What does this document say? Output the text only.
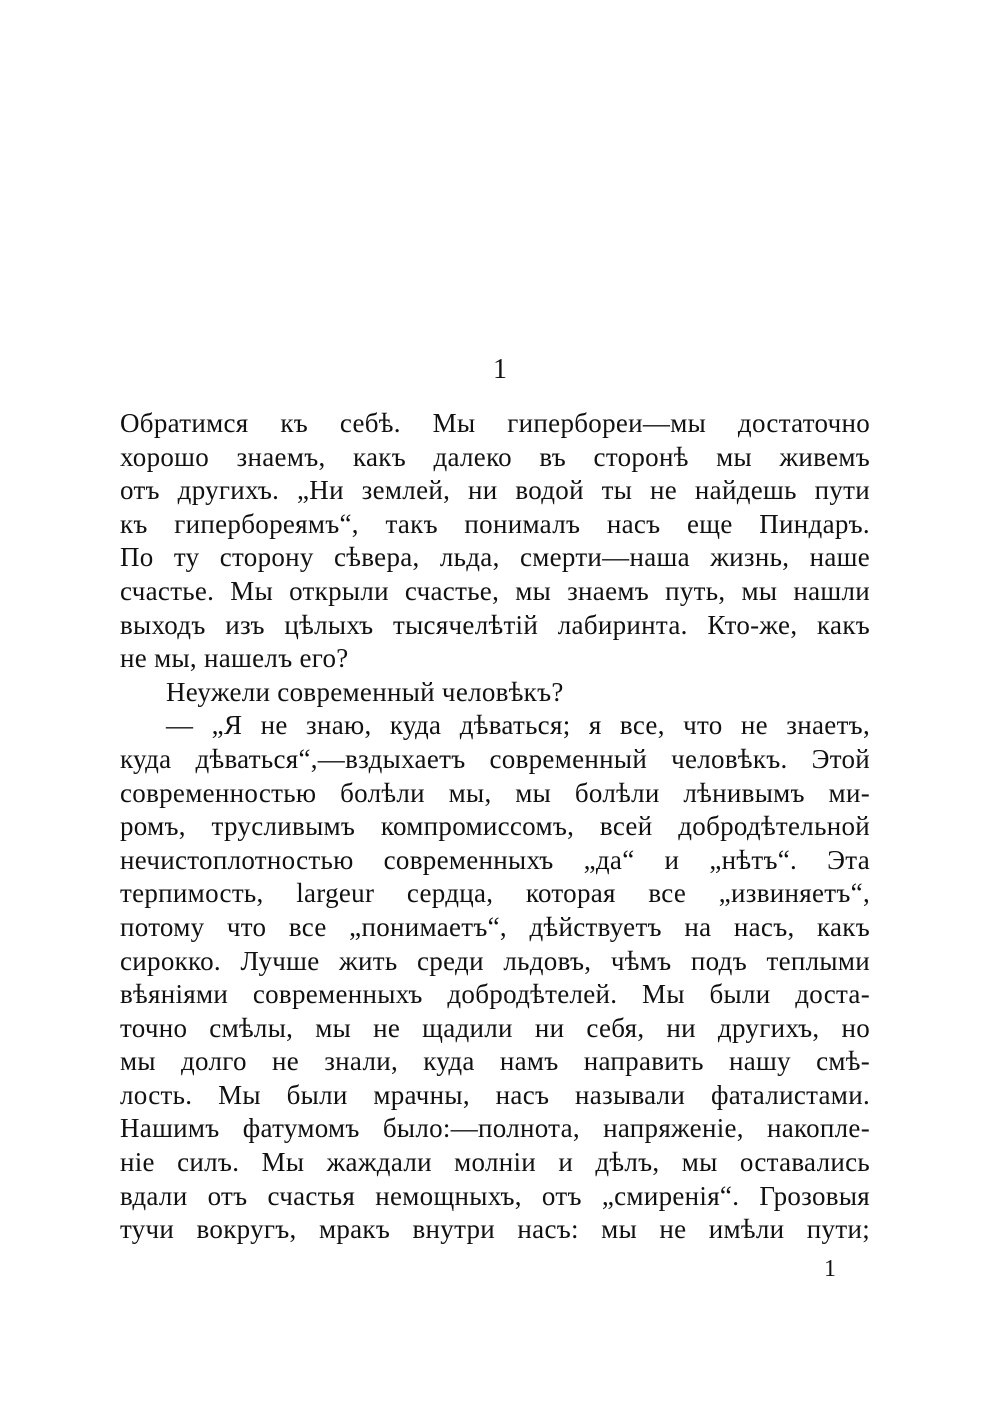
1
Обратимся къ себѣ. Мы гипербореи—мы достаточно
хорошо знаемъ, какъ далеко въ сторонѣ мы живемъ
отъ другихъ. „Ни землей, ни водой ты не найдешь пути
къ гипербореямъ“, такъ понималъ насъ еще Пиндаръ.
По ту сторону сѣвера, льда, смерти—наша жизнь, наше
счастье. Мы открыли счастье, мы знаемъ путь, мы нашли
выходъ изъ цѣлыхъ тысячелѣтій лабиринта. Кто-же, какъ
не мы, нашелъ его?
Неужели современный человѣкъ?
— „Я не знаю, куда дѣваться; я все, что не знаетъ,
куда дѣваться“,—вздыхаетъ современный человѣкъ. Этой
современностью болѣли мы, мы болѣли лѣнивымъ ми-
ромъ, трусливымъ компромиссомъ, всей добродѣтельной
нечистоплотностью современныхъ „да“ и „нѣтъ“. Эта
терпимость, largeur сердца, которая все „извиняетъ“,
потому что все „понимаетъ“, дѣйствуетъ на насъ, какъ
сирокко. Лучше жить среди льдовъ, чѣмъ подъ теплыми
вѣяніями современныхъ добродѣтелей. Мы были доста-
точно смѣлы, мы не щадили ни себя, ни другихъ, но
мы долго не знали, куда намъ направить нашу смѣ-
лость. Мы были мрачны, насъ называли фаталистами.
Нашимъ фатумомъ было:—полнота, напряженіе, накопле-
ніе силъ. Мы жаждали молніи и дѣлъ, мы оставались
вдали отъ счастья немощныхъ, отъ „смиренія“. Грозовыя
тучи вокругъ, мракъ внутри насъ: мы не имѣли пути;
1
